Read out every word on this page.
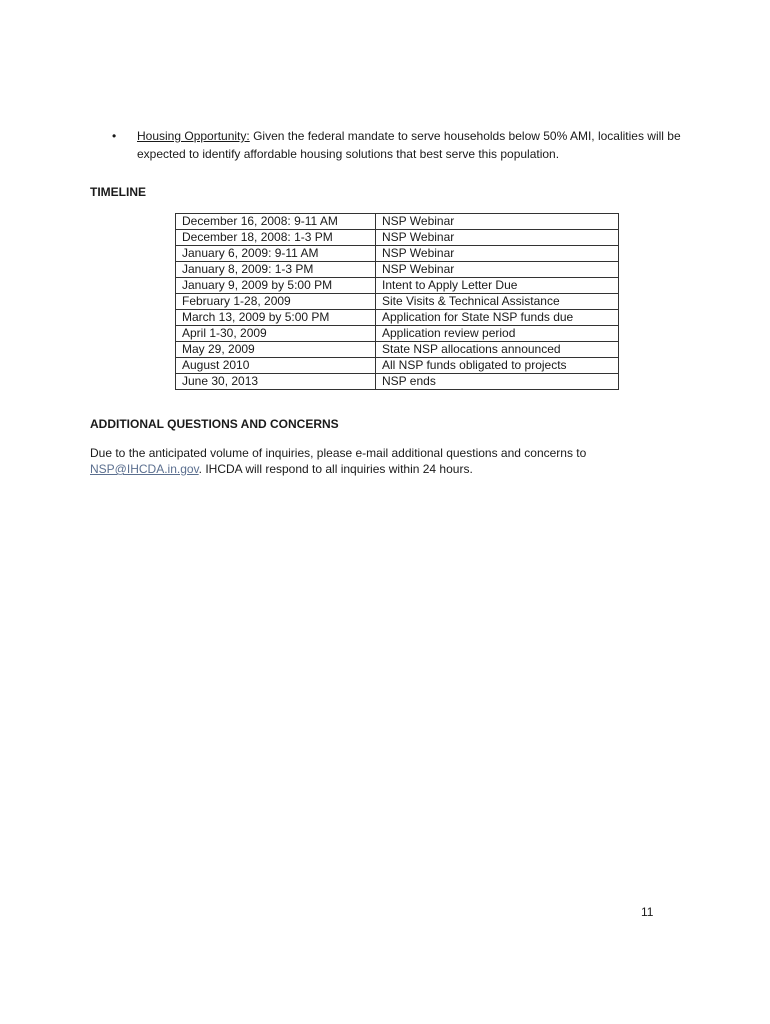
• Housing Opportunity: Given the federal mandate to serve households below 50% AMI, localities will be expected to identify affordable housing solutions that best serve this population.
TIMELINE
December 16, 2008: 9-11 AM	NSP Webinar
December 18, 2008: 1-3 PM	NSP Webinar
January 6, 2009: 9-11 AM	NSP Webinar
January 8, 2009: 1-3 PM	NSP Webinar
January 9, 2009 by 5:00 PM	Intent to Apply Letter Due
February 1-28, 2009	Site Visits & Technical Assistance
March 13, 2009 by 5:00 PM	Application for State NSP funds due
April 1-30, 2009	Application review period
May 29, 2009	State NSP allocations announced
August 2010	All NSP funds obligated to projects
June 30, 2013	NSP ends
ADDITIONAL QUESTIONS AND CONCERNS
Due to the anticipated volume of inquiries, please e-mail additional questions and concerns to NSP@IHCDA.in.gov. IHCDA will respond to all inquiries within 24 hours.
11
